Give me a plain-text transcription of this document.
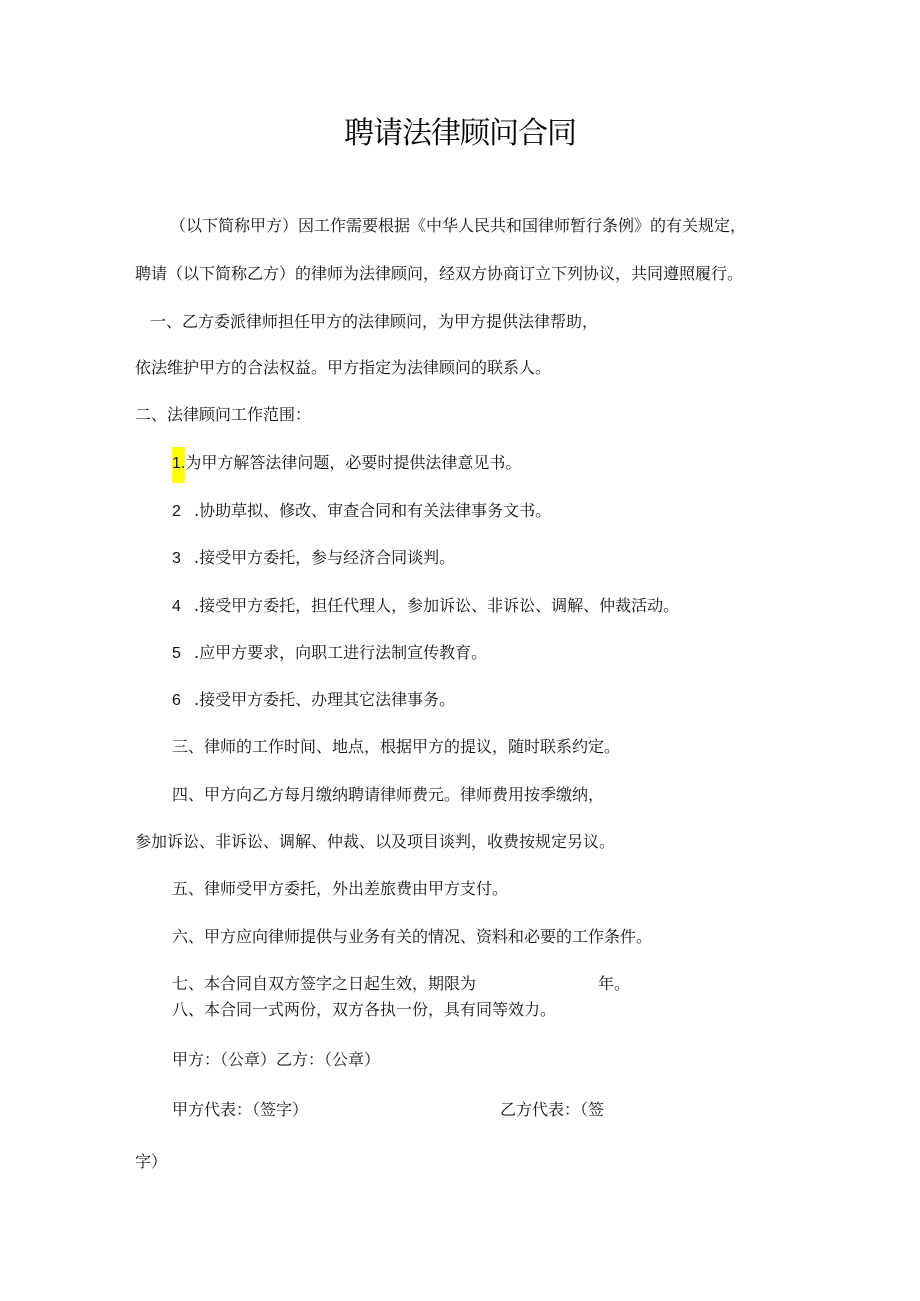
聘请法律顾问合同
（以下简称甲方）因工作需要根据《中华人民共和国律师暂行条例》的有关规定，
聘请（以下简称乙方）的律师为法律顾问，经双方协商订立下列协议，共同遵照履行。
一、乙方委派律师担任甲方的法律顾问，为甲方提供法律帮助，
依法维护甲方的合法权益。甲方指定为法律顾问的联系人。
二、法律顾问工作范围：
1.为甲方解答法律问题，必要时提供法律意见书。
2 .协助草拟、修改、审查合同和有关法律事务文书。
3 .接受甲方委托，参与经济合同谈判。
4 .接受甲方委托，担任代理人，参加诉讼、非诉讼、调解、仲裁活动。
5 .应甲方要求，向职工进行法制宣传教育。
6 .接受甲方委托、办理其它法律事务。
三、律师的工作时间、地点，根据甲方的提议，随时联系约定。
四、甲方向乙方每月缴纳聘请律师费元。律师费用按季缴纳，
参加诉讼、非诉讼、调解、仲裁、以及项目谈判，收费按规定另议。
五、律师受甲方委托，外出差旅费由甲方支付。
六、甲方应向律师提供与业务有关的情况、资料和必要的工作条件。
七、本合同自双方签字之日起生效，期限为	年。
八、本合同一式两份，双方各执一份，具有同等效力。
甲方：（公章）乙方：（公章）
甲方代表：（签字）	乙方代表：（签
字）
